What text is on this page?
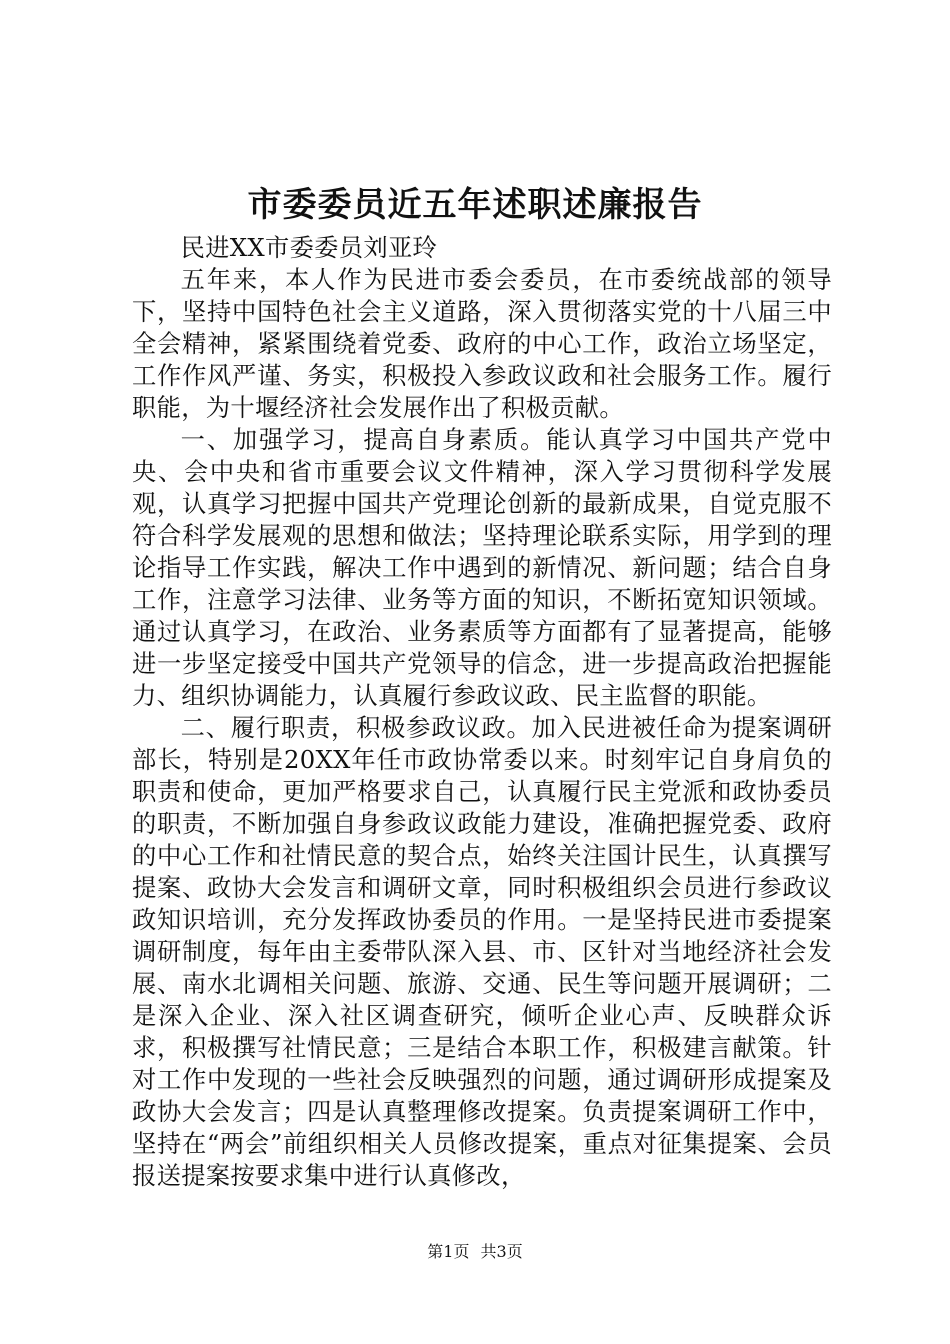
市委委员近五年述职述廉报告

民进XX市委委员刘亚玲

五年来，本人作为民进市委会委员，在市委统战部的领导下，坚持中国特色社会主义道路，深入贯彻落实党的十八届三中全会精神，紧紧围绕着党委、政府的中心工作，政治立场坚定，工作作风严谨、务实，积极投入参政议政和社会服务工作。履行职能，为十堰经济社会发展作出了积极贡献。

一、加强学习，提高自身素质。能认真学习中国共产党中央、会中央和省市重要会议文件精神，深入学习贯彻科学发展观，认真学习把握中国共产党理论创新的最新成果，自觉克服不符合科学发展观的思想和做法；坚持理论联系实际，用学到的理论指导工作实践，解决工作中遇到的新情况、新问题；结合自身工作，注意学习法律、业务等方面的知识，不断拓宽知识领域。通过认真学习，在政治、业务素质等方面都有了显著提高，能够进一步坚定接受中国共产党领导的信念，进一步提高政治把握能力、组织协调能力，认真履行参政议政、民主监督的职能。

二、履行职责，积极参政议政。加入民进被任命为提案调研部长，特别是20XX年任市政协常委以来。时刻牢记自身肩负的职责和使命，更加严格要求自己，认真履行民主党派和政协委员的职责，不断加强自身参政议政能力建设，准确把握党委、政府的中心工作和社情民意的契合点，始终关注国计民生，认真撰写提案、政协大会发言和调研文章，同时积极组织会员进行参政议政知识培训，充分发挥政协委员的作用。一是坚持民进市委提案调研制度，每年由主委带队深入县、市、区针对当地经济社会发展、南水北调相关问题、旅游、交通、民生等问题开展调研；二是深入企业、深入社区调查研究，倾听企业心声、反映群众诉求，积极撰写社情民意；三是结合本职工作，积极建言献策。针对工作中发现的一些社会反映强烈的问题，通过调研形成提案及政协大会发言；四是认真整理修改提案。负责提案调研工作中，坚持在“两会”前组织相关人员修改提案，重点对征集提案、会员报送提案按要求集中进行认真修改，

第1页 共3页
